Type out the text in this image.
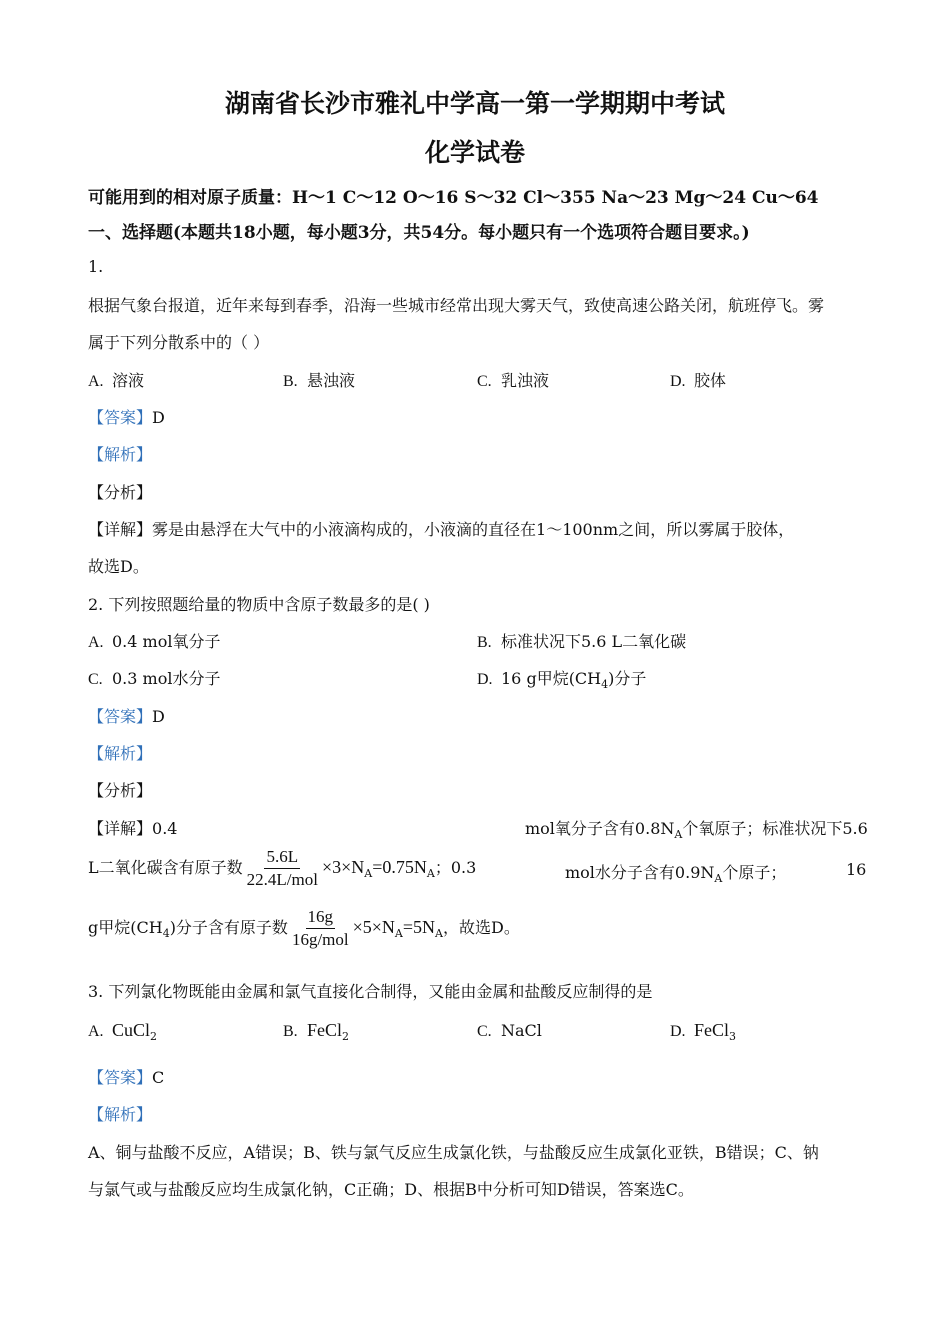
湖南省长沙市雅礼中学高一第一学期期中考试
化学试卷
可能用到的相对原子质量：H～1 C～12 O～16 S～32 Cl～355 Na～23 Mg～24 Cu～64
一、选择题(本题共18小题，每小题3分，共54分。每小题只有一个选项符合题目要求。)
1.
根据气象台报道，近年来每到春季，沿海一些城市经常出现大雾天气，致使高速公路关闭，航班停飞。雾
属于下列分散系中的（ ）
A. 溶液	B. 悬浊液	C. 乳浊液	D. 胶体
【答案】D
【解析】
【分析】
【详解】雾是由悬浮在大气中的小液滴构成的，小液滴的直径在1～100nm之间，所以雾属于胶体，
故选D。
2. 下列按照题给量的物质中含原子数最多的是( )
A. 0.4 mol氧分子	B. 标准状况下5.6 L二氧化碳
C. 0.3 mol水分子	D. 16 g甲烷$(CH_4)$分子
【答案】D
【解析】
【分析】
【详解】0.4	mol氧分子含有$0.8N_A$个氧原子；标准状况下5.6
L二氧化碳含有原子数 $\frac{5.6L}{\text{22.4L/mol}} \times 3\times N_A=0.75N_A$；0.3	mol水分子含有$0.9N_A$个原子；	16
g甲烷$(CH_4)$分子含有原子数 $\frac{16g}{\text{16g/mol}} \times 5\times N_A=5N_A$，故选D。
3. 下列氯化物既能由金属和氯气直接化合制得，又能由金属和盐酸反应制得的是
A. CuCl$_2$	B. FeCl$_2$	C. NaCl	D. FeCl$_3$
【答案】C
【解析】
A、铜与盐酸不反应，A错误；B、铁与氯气反应生成氯化铁，与盐酸反应生成氯化亚铁，B错误；C、钠
与氯气或与盐酸反应均生成氯化钠，C正确；D、根据B中分析可知D错误，答案选C。
